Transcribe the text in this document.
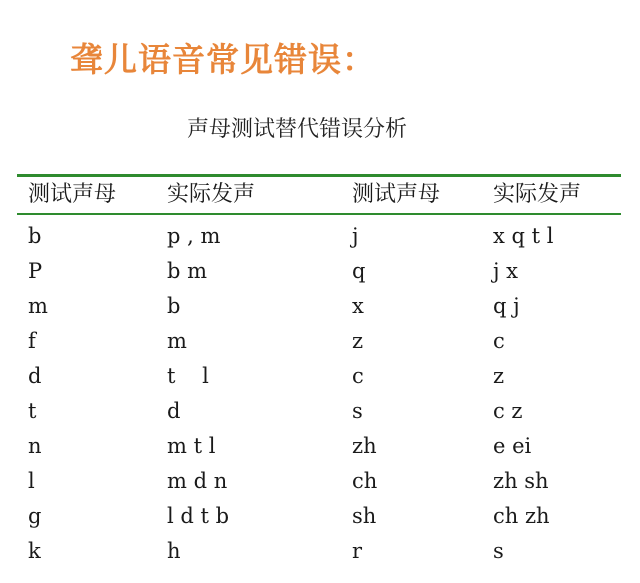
聋儿语音常见错误：
声母测试替代错误分析
测试声母 实际发声	测试声母 实际发声
b	p , m	j	x q t l
P	b m	q	j x
m	b	x	q j
f	m	z	c
d	t    l	c	z
t	d	s	c z
n	m t l	zh	e ei
l	m d n	ch	zh sh
g	l d t b	sh	ch zh
k	h	r	s
